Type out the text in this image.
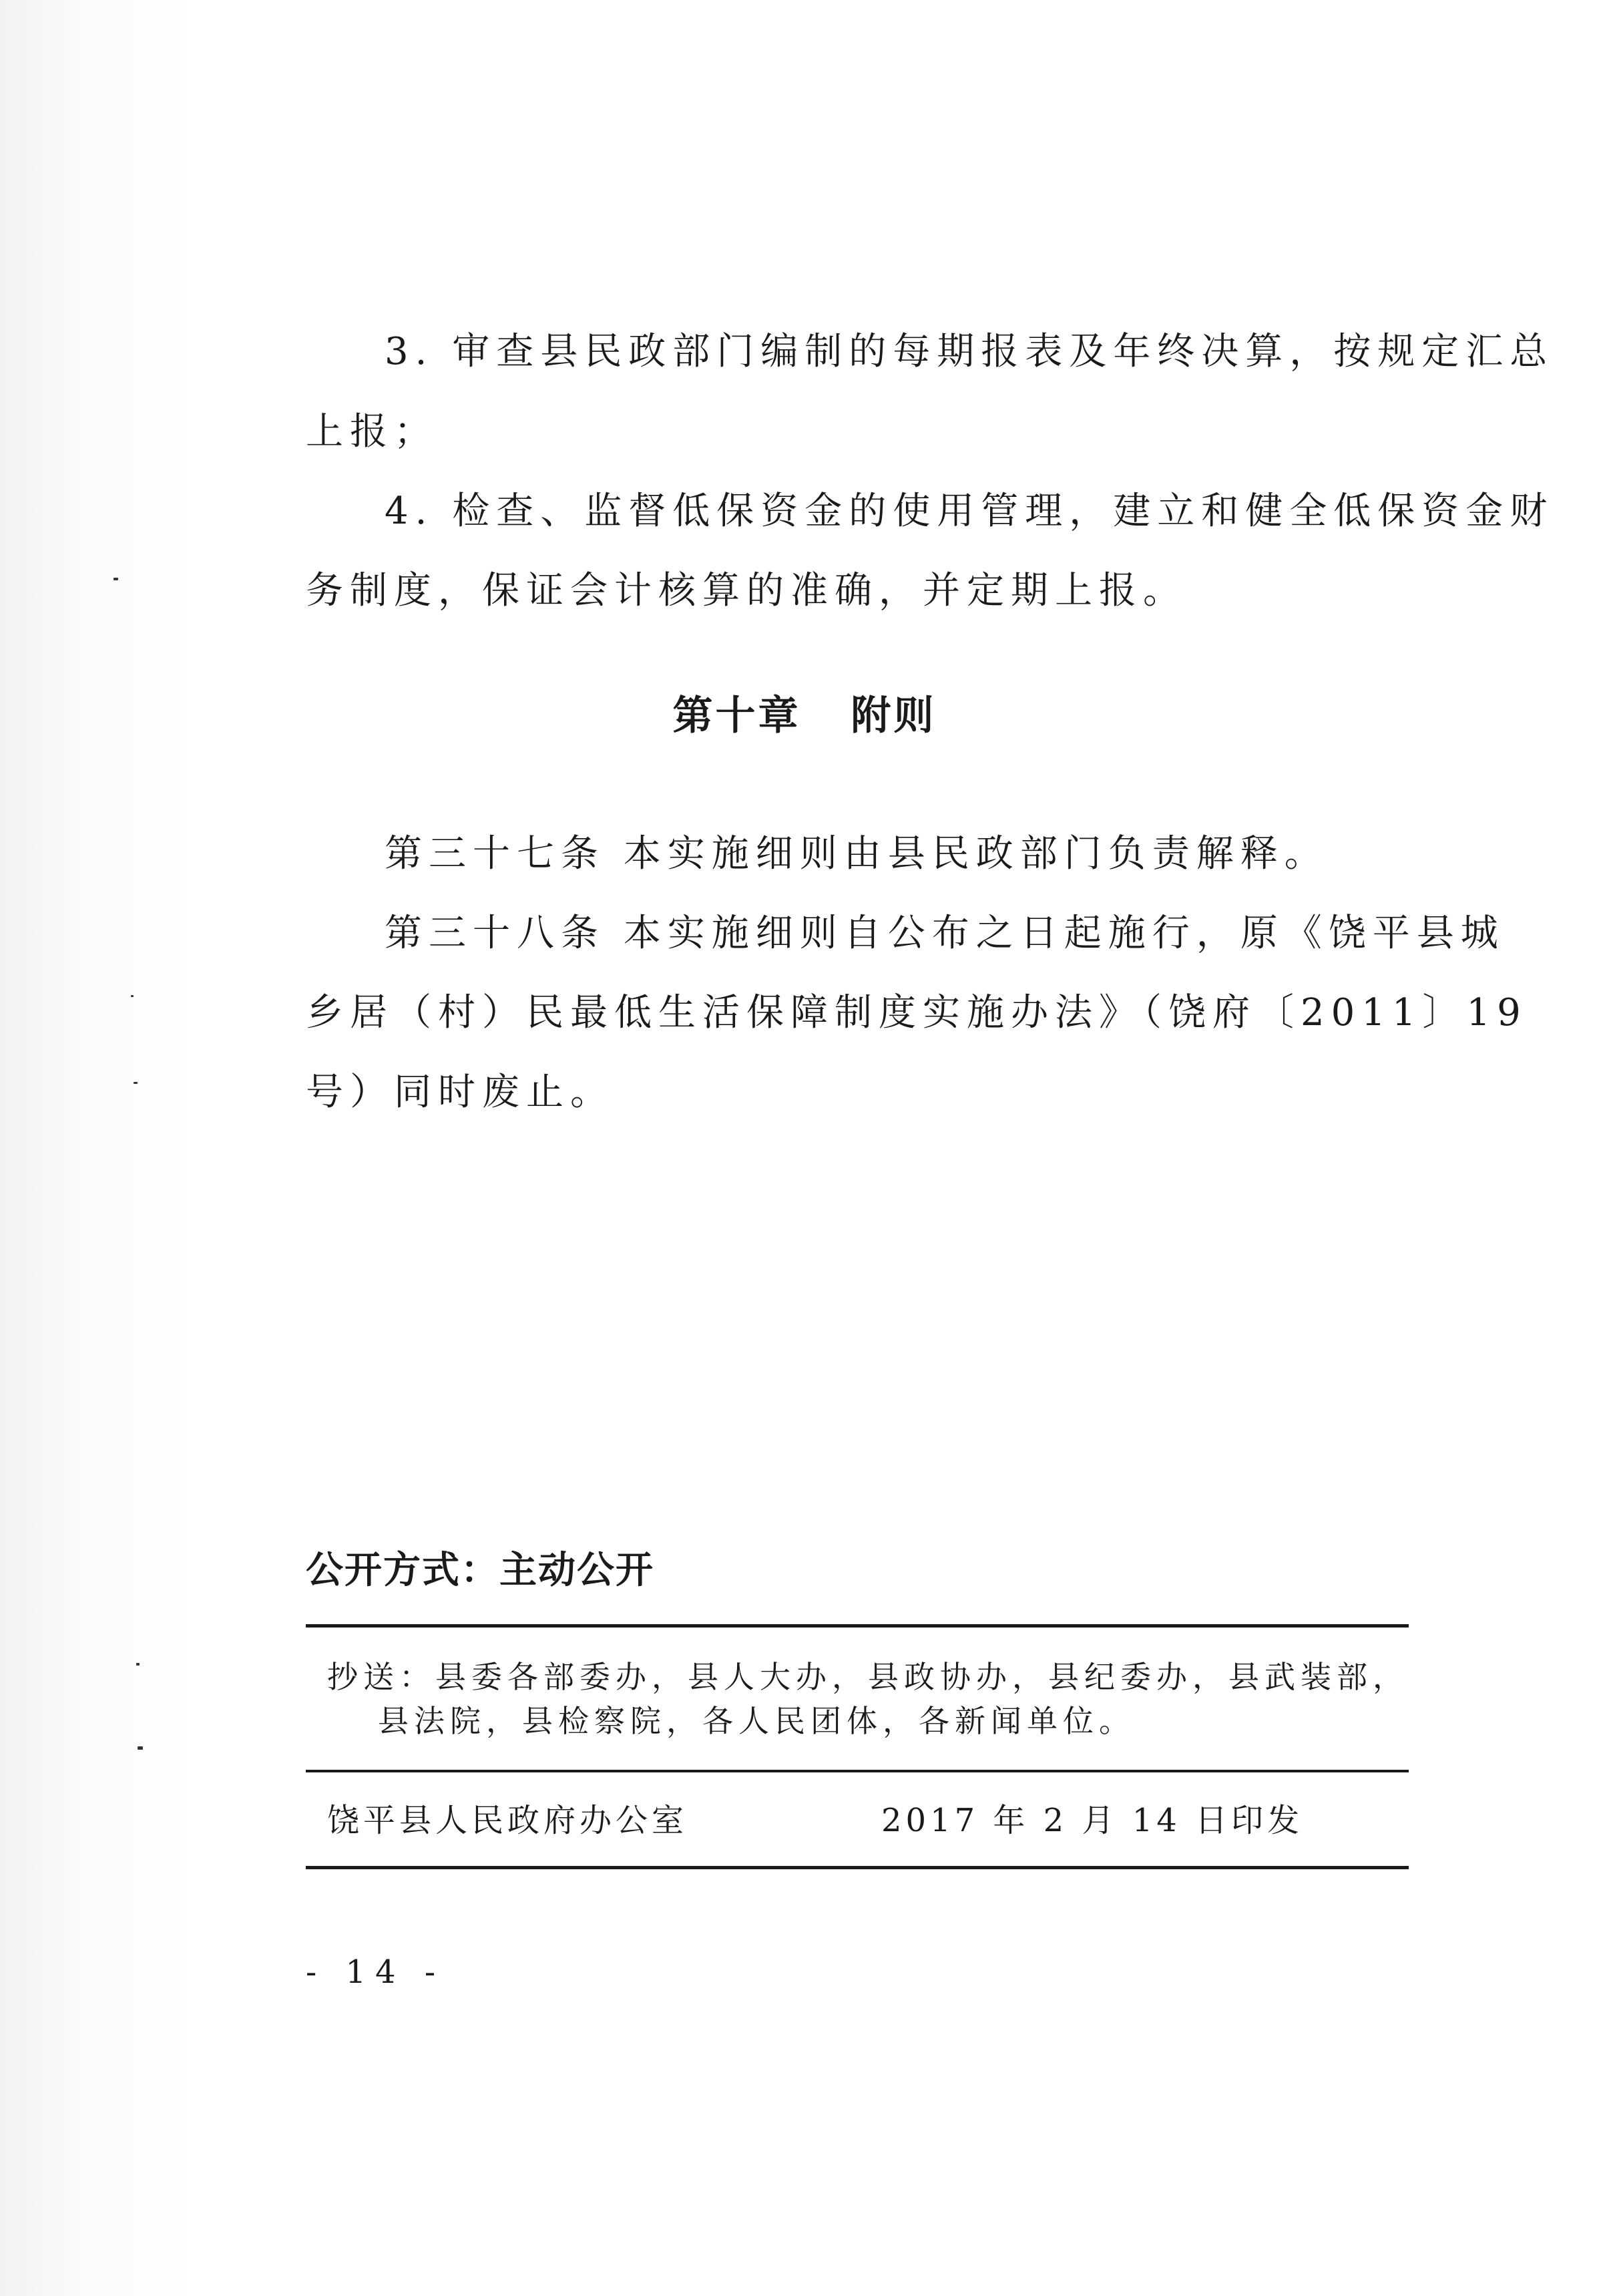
3. 审查县民政部门编制的每期报表及年终决算，按规定汇总
上报；
4. 检查、监督低保资金的使用管理，建立和健全低保资金财
务制度，保证会计核算的准确，并定期上报。
第十章 附则
第三十七条 本实施细则由县民政部门负责解释。
第三十八条 本实施细则自公布之日起施行，原《饶平县城
乡居（村）民最低生活保障制度实施办法》（饶府〔2011〕19
号）同时废止。
公开方式：主动公开
抄送：县委各部委办，县人大办，县政协办，县纪委办，县武装部，
县法院，县检察院，各人民团体，各新闻单位。
饶平县人民政府办公室	2017 年 2 月 14 日印发
- 14 -
